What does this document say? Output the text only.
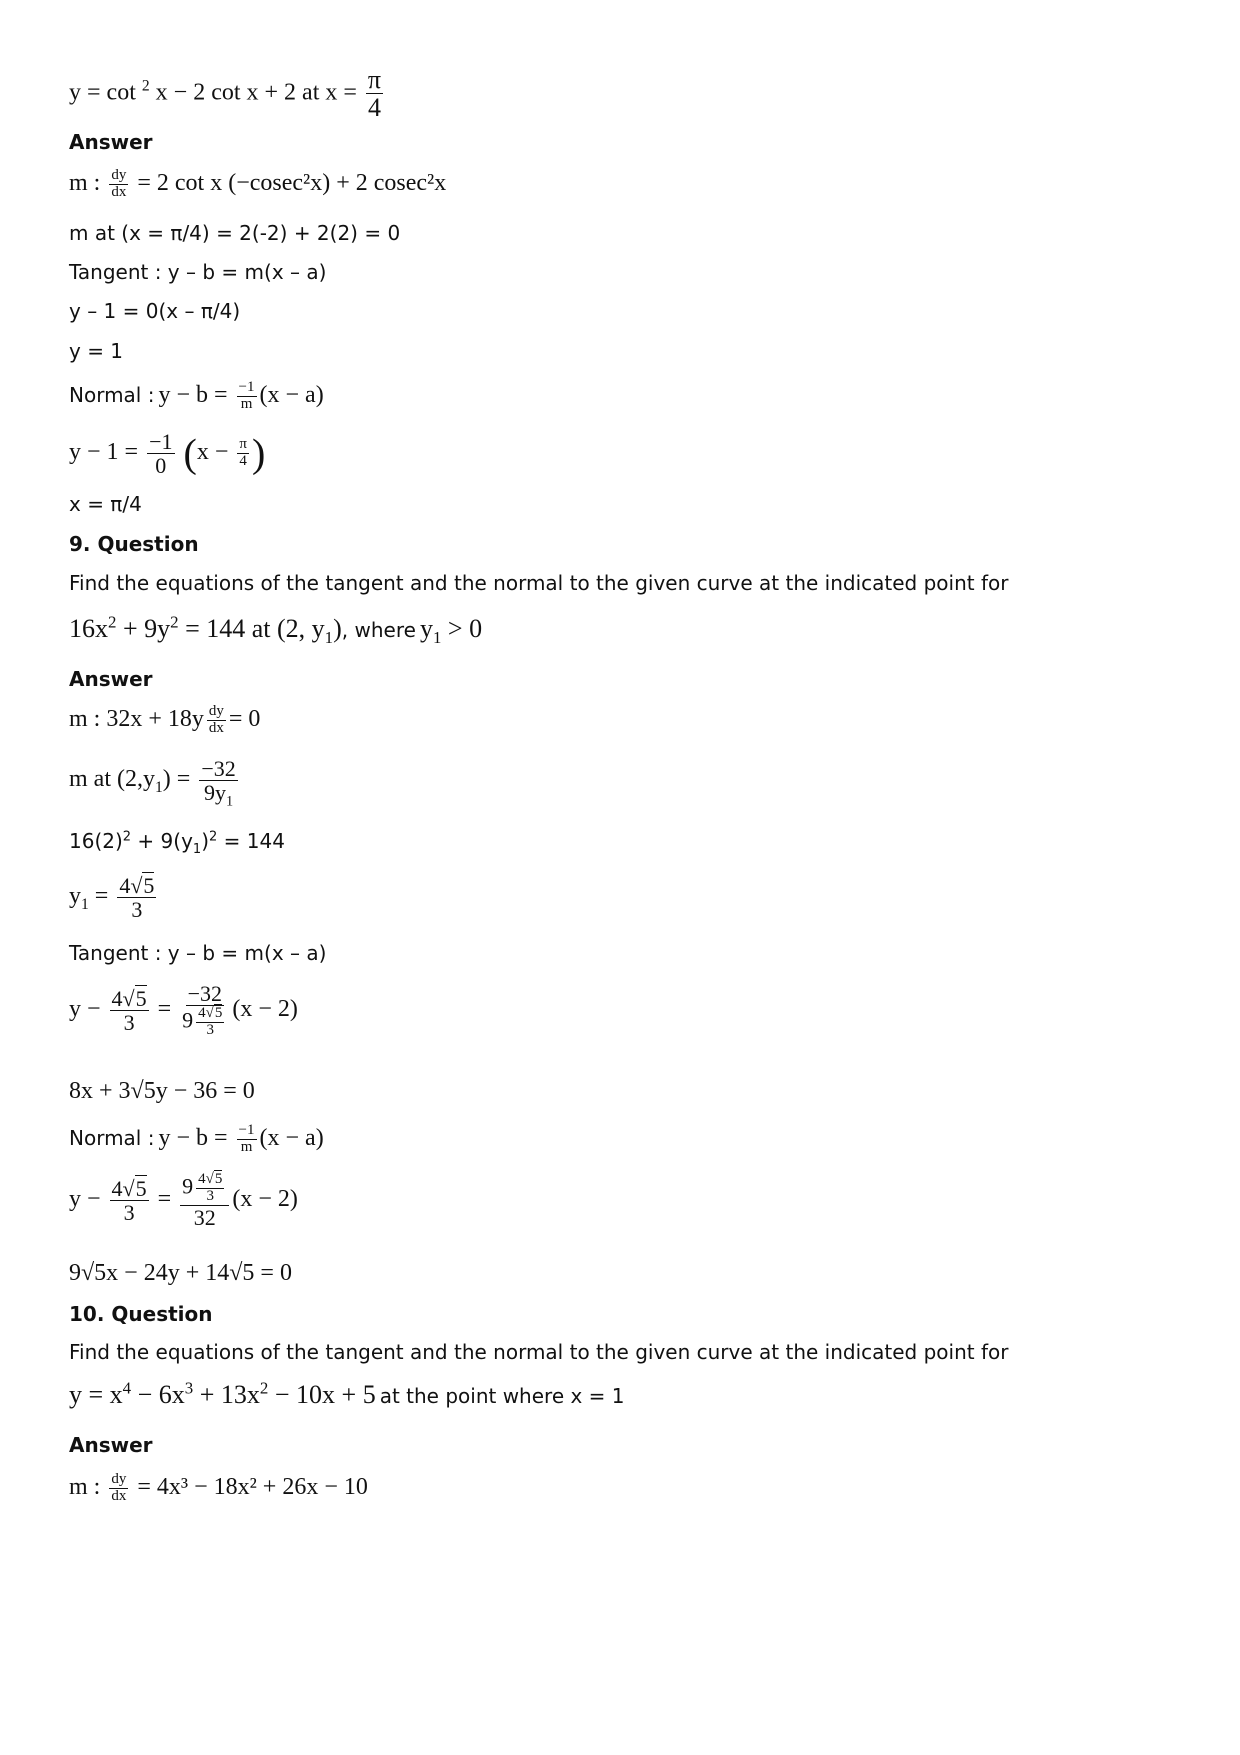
y = cot $^2$ x − 2 cot x + 2 at $x = \frac{\pi}{4}$
Answer
m : $\frac{dy}{dx} = 2$ cot x (−cosec²x) + 2 cosec²x
m at (x = π/4) = 2(-2) + 2(2) = 0
Tangent : y – b = m(x – a)
y – 1 = 0(x – π/4)
y = 1
Normal : $y - b = \frac{-1}{m} (x - a)$
$y - 1 = \frac{-1}{0} (x - \frac{\pi}{4}$ )
x = π/4
9. Question
Find the equations of the tangent and the normal to the given curve at the indicated point for
$16x^2 + 9y^2 = 144$ at (2, $y_1$), where $y_1 > 0$
Answer
m : $32x + 18y \frac{dy}{dx} = 0$
m at $(2,y_1) = \frac{-32}{9y_1}$
$16(2)^2 + 9(y_1)^2 = 144$
$y_1 = \frac{4√5}{3}$
Tangent : y – b = m(x – a)
$y - \frac{4√5}{3} = \frac{-32}{9 \frac{4√5}{3}} (x - 2)$
8x + 3√5y − 36 = 0
Normal : $y - b = \frac{-1}{m} (x - a)$
$y - \frac{4√5}{3} = \frac{9 \frac{4√5}{3}}{32} (x - 2)$
9√5x − 24y + 14√5 = 0
10. Question
Find the equations of the tangent and the normal to the given curve at the indicated point for
$y = x^4 - 6x^3 + 13x^2 - 10x + 5$ at the point where x = 1
Answer
m : $\frac{dy}{dx} = 4x^3 - 18x^2 + 26x - 10$
